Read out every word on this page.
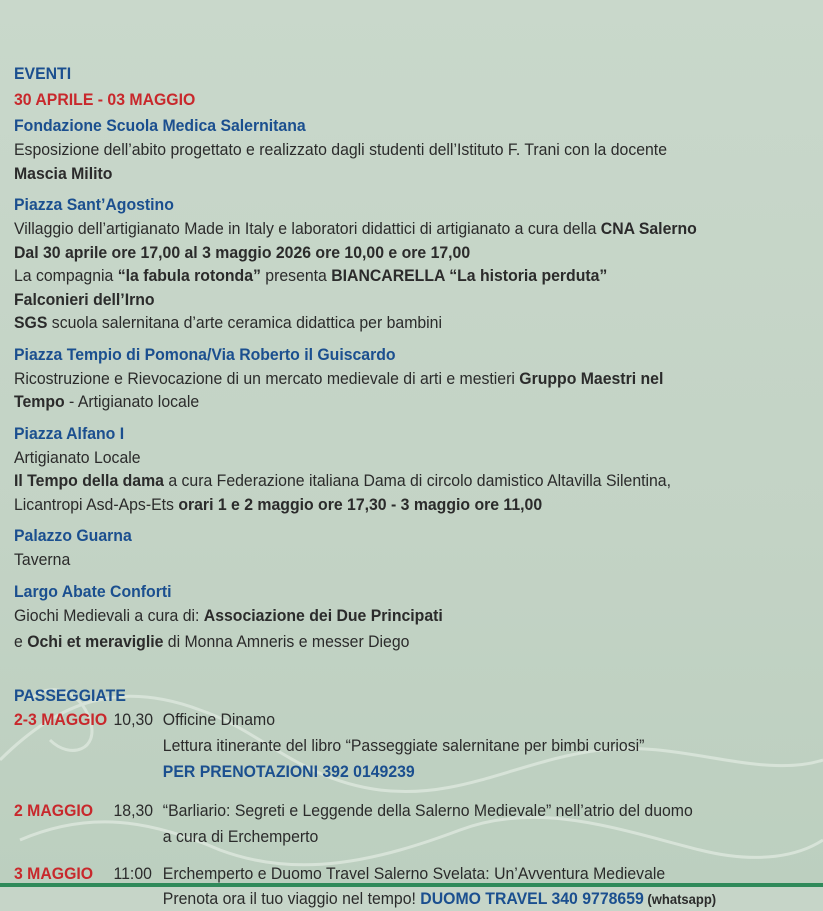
EVENTI
30 APRILE - 03 MAGGIO
Fondazione Scuola Medica Salernitana
Esposizione dell’abito progettato e realizzato dagli studenti dell’Istituto F. Trani con la docente
Mascia Milito
Piazza Sant’Agostino
Villaggio dell’artigianato Made in Italy e laboratori didattici di artigianato a cura della CNA Salerno
Dal 30 aprile ore 17,00 al 3 maggio 2026 ore 10,00 e ore 17,00
La compagnia “la fabula rotonda” presenta BIANCARELLA “La historia perduta”
Falconieri dell’Irno
SGS scuola salernitana d’arte ceramica didattica per bambini
Piazza Tempio di Pomona/Via Roberto il Guiscardo
Ricostruzione e Rievocazione di un mercato medievale di arti e mestieri Gruppo Maestri nel
Tempo - Artigianato locale
Piazza Alfano I
Artigianato Locale
Il Tempo della dama a cura Federazione italiana Dama di circolo damistico Altavilla Silentina,
Licantropi Asd-Aps-Ets orari 1 e 2 maggio ore 17,30 - 3 maggio ore 11,00
Palazzo Guarna
Taverna
Largo Abate Conforti
Giochi Medievali a cura di: Associazione dei Due Principati
e Ochi et meraviglie di Monna Amneris e messer Diego
PASSEGGIATE
2-3 MAGGIO 10,30 Officine Dinamo
Lettura itinerante del libro “Passeggiate salernitane per bimbi curiosi”
PER PRENOTAZIONI 392 0149239
2 MAGGIO 18,30 “Barliario: Segreti e Leggende della Salerno Medievale” nell’atrio del duomo
a cura di Erchemperto
3 MAGGIO 11:00 Erchemperto e Duomo Travel Salerno Svelata: Un’Avventura Medievale
Prenota ora il tuo viaggio nel tempo! DUOMO TRAVEL 340 9778659 (whatsapp)
